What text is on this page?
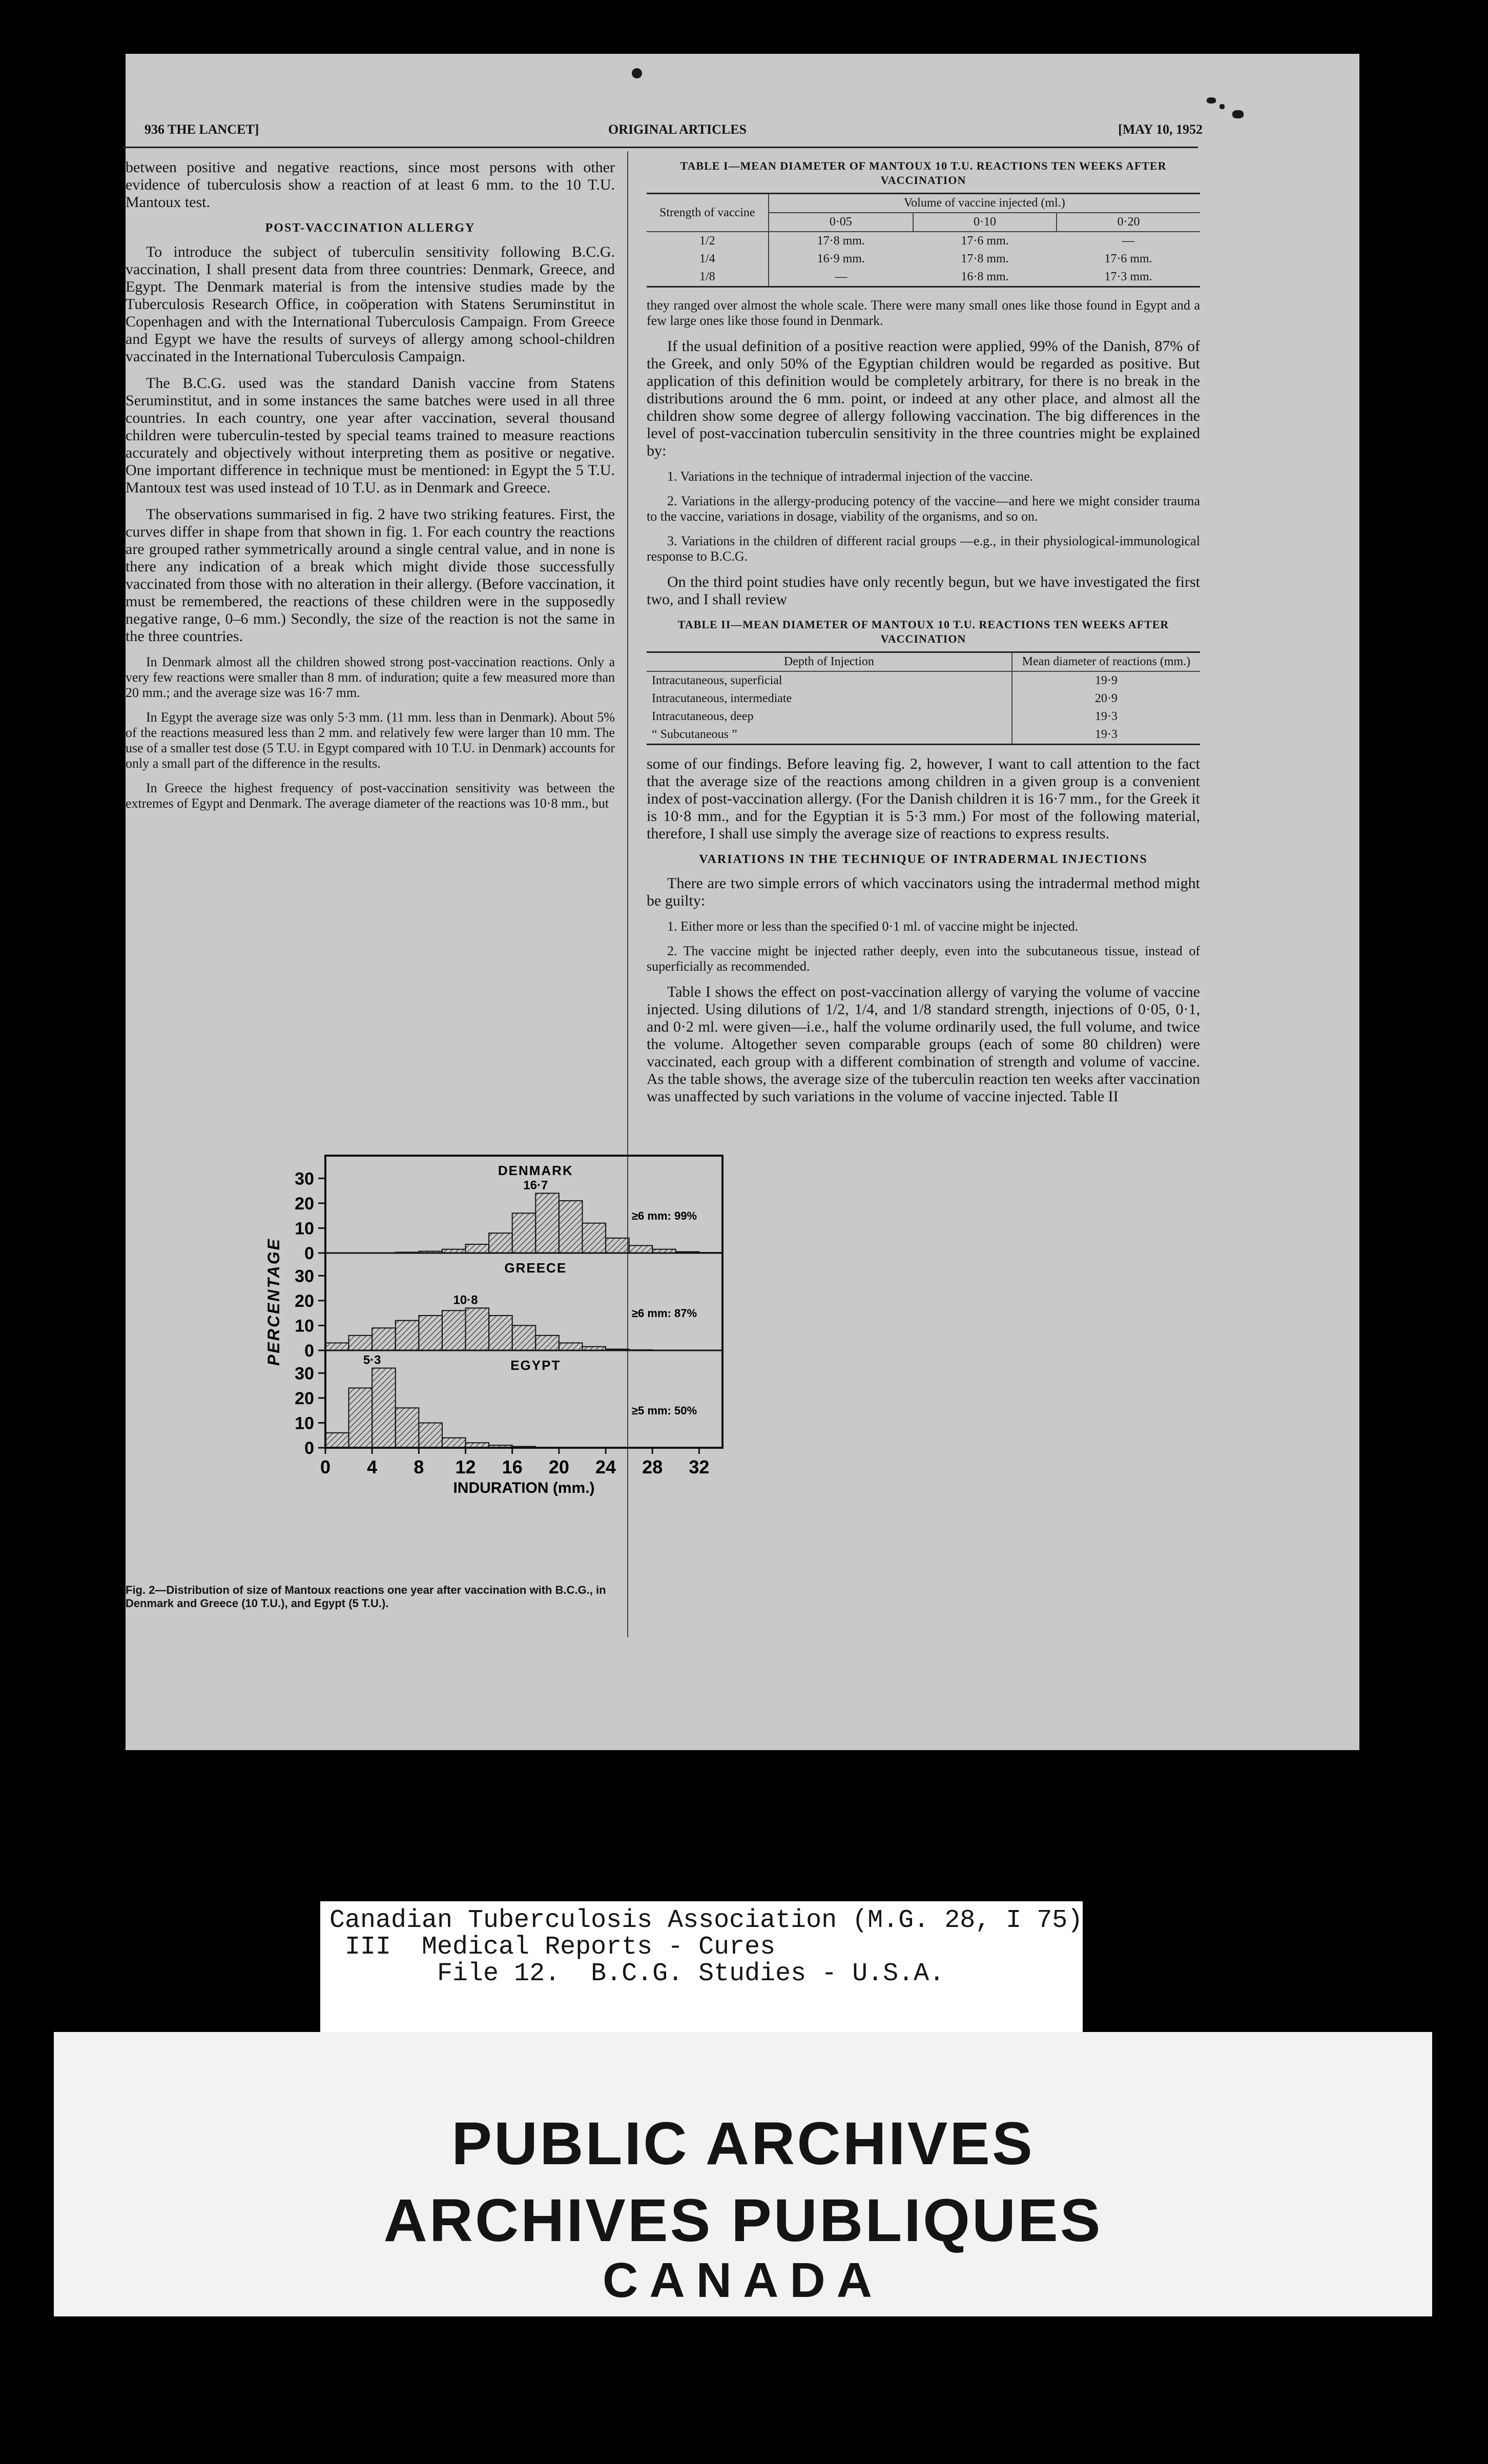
936 THE LANCET]	ORIGINAL ARTICLES	[MAY 10, 1952

between positive and negative reactions, since most persons with other evidence of tuberculosis show a reaction of at least 6 mm. to the 10 T.U. Mantoux test.

POST-VACCINATION ALLERGY

To introduce the subject of tuberculin sensitivity following B.C.G. vaccination, I shall present data from three countries: Denmark, Greece, and Egypt. The Denmark material is from the intensive studies made by the Tuberculosis Research Office, in coöperation with Statens Seruminstitut in Copenhagen and with the International Tuberculosis Campaign. From Greece and Egypt we have the results of surveys of allergy among school-children vaccinated in the International Tuberculosis Campaign.

The B.C.G. used was the standard Danish vaccine from Statens Seruminstitut, and in some instances the same batches were used in all three countries. In each country, one year after vaccination, several thousand children were tuberculin-tested by special teams trained to measure reactions accurately and objectively without interpreting them as positive or negative. One important difference in technique must be mentioned: in Egypt the 5 T.U. Mantoux test was used instead of 10 T.U. as in Denmark and Greece.

The observations summarised in fig. 2 have two striking features. First, the curves differ in shape from that shown in fig. 1. For each country the reactions are grouped rather symmetrically around a single central value, and in none is there any indication of a break which might divide those successfully vaccinated from those with no alteration in their allergy. (Before vaccination, it must be remembered, the reactions of these children were in the supposedly negative range, 0–6 mm.) Secondly, the size of the reaction is not the same in the three countries.

In Denmark almost all the children showed strong post-vaccination reactions. Only a very few reactions were smaller than 8 mm. of induration; quite a few measured more than 20 mm.; and the average size was 16·7 mm.

In Egypt the average size was only 5·3 mm. (11 mm. less than in Denmark). About 5% of the reactions measured less than 2 mm. and relatively few were larger than 10 mm. The use of a smaller test dose (5 T.U. in Egypt compared with 10 T.U. in Denmark) accounts for only a small part of the difference in the results.

In Greece the highest frequency of post-vaccination sensitivity was between the extremes of Egypt and Denmark. The average diameter of the reactions was 10·8 mm., but

TABLE I—MEAN DIAMETER OF MANTOUX 10 T.U. REACTIONS TEN WEEKS AFTER VACCINATION
Strength of vaccine	Volume of vaccine injected (ml.)		
	0·05	0·10	0·20
1/2	17·8 mm.	17·6 mm.	—
1/4	16·9 mm.	17·8 mm.	17·6 mm.
1/8	—	16·8 mm.	17·3 mm.

they ranged over almost the whole scale. There were many small ones like those found in Egypt and a few large ones like those found in Denmark.

If the usual definition of a positive reaction were applied, 99% of the Danish, 87% of the Greek, and only 50% of the Egyptian children would be regarded as positive. But application of this definition would be completely arbitrary, for there is no break in the distributions around the 6 mm. point, or indeed at any other place, and almost all the children show some degree of allergy following vaccination. The big differences in the level of post-vaccination tuberculin sensitivity in the three countries might be explained by:

1. Variations in the technique of intradermal injection of the vaccine.

2. Variations in the allergy-producing potency of the vaccine—and here we might consider trauma to the vaccine, variations in dosage, viability of the organisms, and so on.

3. Variations in the children of different racial groups —e.g., in their physiological-immunological response to B.C.G.

On the third point studies have only recently begun, but we have investigated the first two, and I shall review

TABLE II—MEAN DIAMETER OF MANTOUX 10 T.U. REACTIONS TEN WEEKS AFTER VACCINATION
Depth of Injection	Mean diameter of reactions (mm.)
Intracutaneous, superficial	19·9
Intracutaneous, intermediate	20·9
Intracutaneous, deep	19·3
“ Subcutaneous ”	19·3

some of our findings. Before leaving fig. 2, however, I want to call attention to the fact that the average size of the reactions among children in a given group is a convenient index of post-vaccination allergy. (For the Danish children it is 16·7 mm., for the Greek it is 10·8 mm., and for the Egyptian it is 5·3 mm.) For most of the following material, therefore, I shall use simply the average size of reactions to express results.

VARIATIONS IN THE TECHNIQUE OF INTRADERMAL INJECTIONS

There are two simple errors of which vaccinators using the intradermal method might be guilty:

1. Either more or less than the specified 0·1 ml. of vaccine might be injected.

2. The vaccine might be injected rather deeply, even into the subcutaneous tissue, instead of superficially as recommended.

Table I shows the effect on post-vaccination allergy of varying the volume of vaccine injected. Using dilutions of 1/2, 1/4, and 1/8 standard strength, injections of 0·05, 0·1, and 0·2 ml. were given—i.e., half the volume ordinarily used, the full volume, and twice the volume. Altogether seven comparable groups (each of some 80 children) were vaccinated, each group with a different combination of strength and volume of vaccine. As the table shows, the average size of the tuberculin reaction ten weeks after vaccination was unaffected by such variations in the volume of vaccine injected. Table II

0
10
20
30	DENMARK
16·7
≥6 mm: 99%
0
10
20
30	GREECE
10·8
≥6 mm: 87%
0
10
20
30	EGYPT
5·3
≥5 mm: 50%
0 4 8 12 16 20 24 28 32
INDURATION (mm.)
PERCENTAGE
Fig. 2—Distribution of size of Mantoux reactions one year after vaccination with B.C.G., in Denmark and Greece (10 T.U.), and Egypt (5 T.U.).
Canadian Tuberculosis Association (M.G. 28, I 75)
III  Medical Reports - Cures
File 12.  B.C.G. Studies - U.S.A.
PUBLIC ARCHIVES
ARCHIVES PUBLIQUES
CANADA
